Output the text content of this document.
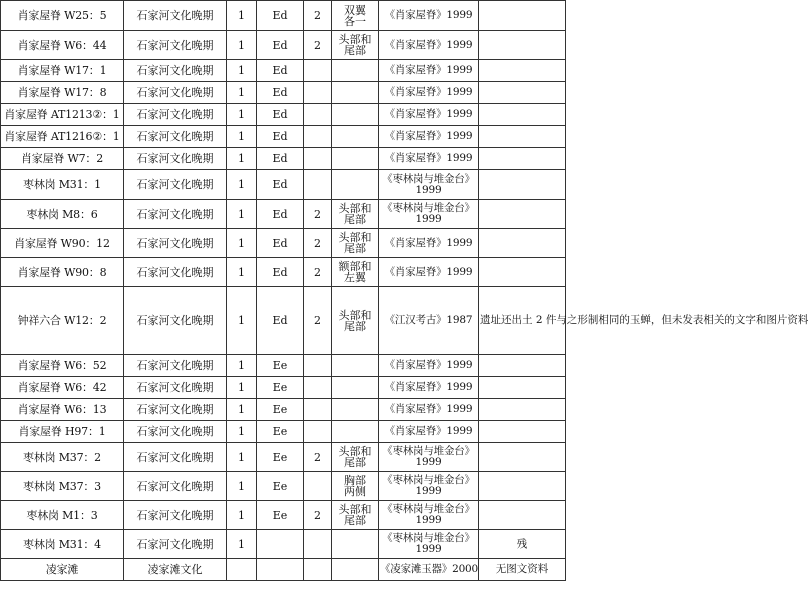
肖家屋脊 W25：5	石家河文化晚期	1	Ed	2	双翼
各一	《肖家屋脊》1999	
肖家屋脊 W6：44	石家河文化晚期	1	Ed	2	头部和
尾部	《肖家屋脊》1999	
肖家屋脊 W17：1	石家河文化晚期	1	Ed			《肖家屋脊》1999	
肖家屋脊 W17：8	石家河文化晚期	1	Ed			《肖家屋脊》1999	
肖家屋脊 AT1213②：1	石家河文化晚期	1	Ed			《肖家屋脊》1999	
肖家屋脊 AT1216②：1	石家河文化晚期	1	Ed			《肖家屋脊》1999	
肖家屋脊 W7：2	石家河文化晚期	1	Ed			《肖家屋脊》1999	
枣林岗 M31：1	石家河文化晚期	1	Ed			《枣林岗与堆金台》
1999	
枣林岗 M8：6	石家河文化晚期	1	Ed	2	头部和
尾部	《枣林岗与堆金台》
1999	
肖家屋脊 W90：12	石家河文化晚期	1	Ed	2	头部和
尾部	《肖家屋脊》1999	
肖家屋脊 W90：8	石家河文化晚期	1	Ed	2	额部和
左翼	《肖家屋脊》1999	
钟祥六合 W12：2	石家河文化晚期	1	Ed	2	头部和
尾部	《江汉考古》1987	遗址还出土 2 件与之形制相同的玉蝉，但未发表相关的文字和图片资料
肖家屋脊 W6：52	石家河文化晚期	1	Ee			《肖家屋脊》1999	
肖家屋脊 W6：42	石家河文化晚期	1	Ee			《肖家屋脊》1999	
肖家屋脊 W6：13	石家河文化晚期	1	Ee			《肖家屋脊》1999	
肖家屋脊 H97：1	石家河文化晚期	1	Ee			《肖家屋脊》1999	
枣林岗 M37：2	石家河文化晚期	1	Ee	2	头部和
尾部	《枣林岗与堆金台》
1999	
枣林岗 M37：3	石家河文化晚期	1	Ee		胸部
两侧	《枣林岗与堆金台》
1999	
枣林岗 M1：3	石家河文化晚期	1	Ee	2	头部和
尾部	《枣林岗与堆金台》
1999	
枣林岗 M31：4	石家河文化晚期	1				《枣林岗与堆金台》
1999	残
凌家滩	凌家滩文化					《凌家滩玉器》2000	无图文资料
